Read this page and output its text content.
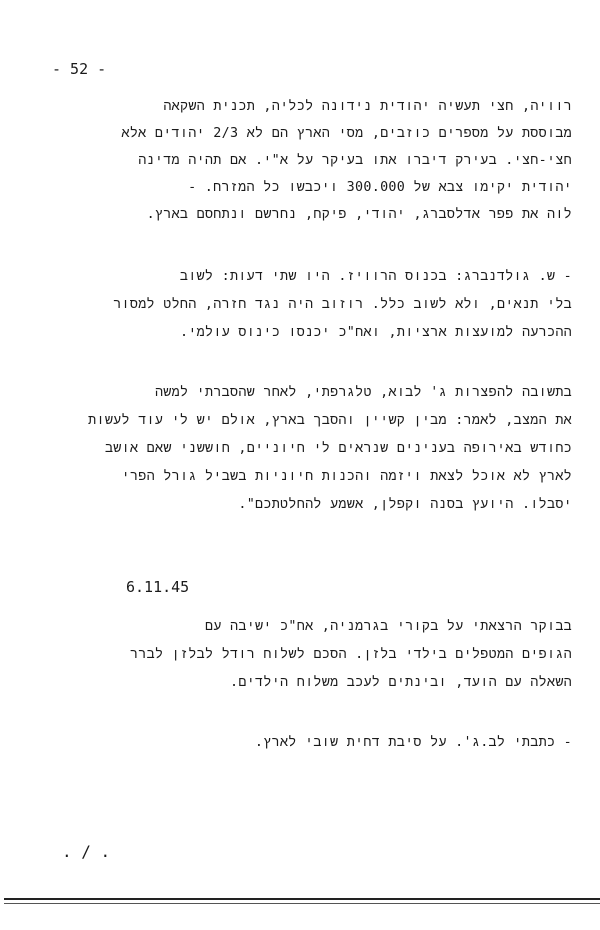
- 52 -
רוויה, חצי תעשיה יהודית נידונה לכליה, תכנית השקאה
מבוססת על מספרים כוזבים, מסי הארץ הם לא 2/3 יהודים אלא
חצי-חצי. בעירק דיברו אתו בעיקר על א"י. אם תהיה מדינה
יהודית יקימו צבא של 300.000 ויכבשו כל המזרח. -
לוה את פפר אדלסברג, יהודי, פיקח, נחרשם ונתחסם בארץ.
- ש. גולדנברג: בכנוס הרוויז. היו שתי דעות: לשוב
בלי תנאים, ולא לשוב כלל. רוזוב היה נגד חזרה, החלט למסור
ההכרעה למועצות ארציות, ואח"כ יכנסו כינוס עולמי.
בתשובה להפצרות ג' לבוא, טלגרפתי, לאחר שהסברתי למשה
את המצב, לאמר: מבין קשיין והסבך בארץ, אולם יש לי עוד לעשות
כחודש באירופה בענינים שנראים לי חיוניים, חוששני שאם אושב
לארץ לא אוכל לצאת ויזמה והכנות חיוניות בשביל גורל הפרי
יסבלו. היועץ בסנה וקפלן, אשמע להחלטתכם".
6.11.45
בבוקר הרצאתי על בקורי בגרמניה, אח"כ ישיבה עם
הגופים המטפלים בילדי בלזן. הסכם לשלוח רודל לבלזן לברר
השאלה עם הועד, ובינתים לעכב משלוח הילדים.
- כתבתי לב.ג'. על סיבת דחית שובי לארץ.
. / .
